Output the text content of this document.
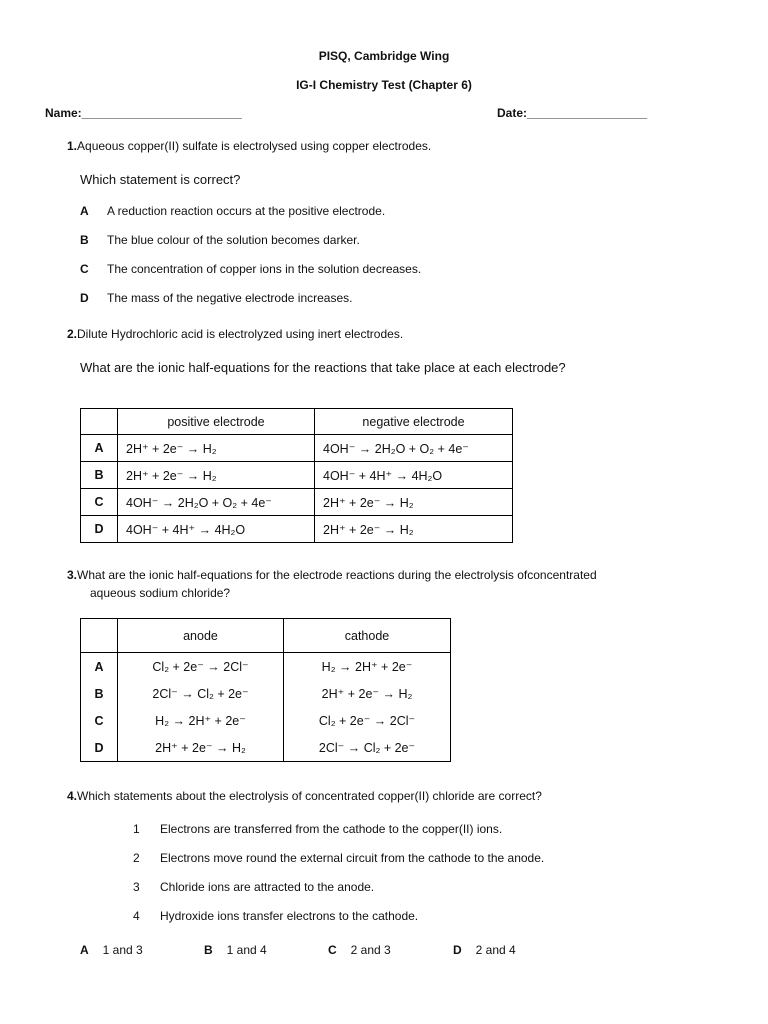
PISQ, Cambridge Wing
IG-I Chemistry Test (Chapter 6)
Name:________________________	Date:__________________
1.Aqueous copper(II) sulfate is electrolysed using copper electrodes.
Which statement is correct?
A A reduction reaction occurs at the positive electrode.
B The blue colour of the solution becomes darker.
C The concentration of copper ions in the solution decreases.
D The mass of the negative electrode increases.
2.Dilute Hydrochloric acid is electrolyzed using inert electrodes.
What are the ionic half-equations for the reactions that take place at each electrode?
	positive electrode	negative electrode
A	2H⁺ + 2e⁻ → H₂	4OH⁻ → 2H₂O + O₂ + 4e⁻
B	2H⁺ + 2e⁻ → H₂	4OH⁻ + 4H⁺ → 4H₂O
C	4OH⁻ → 2H₂O + O₂ + 4e⁻	2H⁺ + 2e⁻ → H₂
D	4OH⁻ + 4H⁺ → 4H₂O	2H⁺ + 2e⁻ → H₂
3.What are the ionic half-equations for the electrode reactions during the electrolysis ofconcentrated
aqueous sodium chloride?
	anode	cathode
A	Cl₂ + 2e⁻ → 2Cl⁻	H₂ → 2H⁺ + 2e⁻
B	2Cl⁻ → Cl₂ + 2e⁻	2H⁺ + 2e⁻ → H₂
C	H₂ → 2H⁺ + 2e⁻	Cl₂ + 2e⁻ → 2Cl⁻
D	2H⁺ + 2e⁻ → H₂	2Cl⁻ → Cl₂ + 2e⁻
4.Which statements about the electrolysis of concentrated copper(II) chloride are correct?
1 Electrons are transferred from the cathode to the copper(II) ions.
2 Electrons move round the external circuit from the cathode to the anode.
3 Chloride ions are attracted to the anode.
4 Hydroxide ions transfer electrons to the cathode.
A 1 and 3	B 1 and 4	C 2 and 3	D 2 and 4
